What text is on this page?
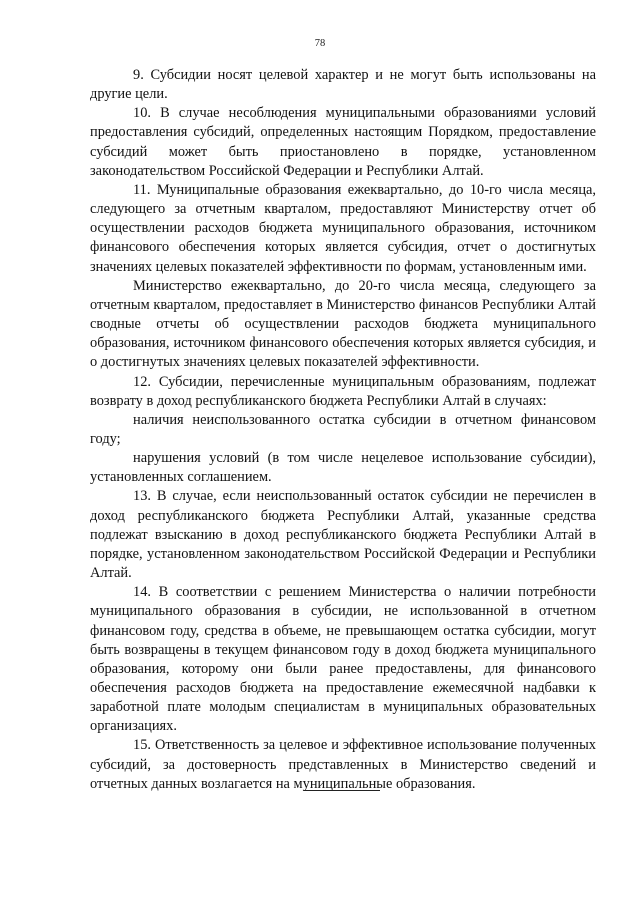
78

9. Субсидии носят целевой характер и не могут быть использованы на другие цели.

10. В случае несоблюдения муниципальными образованиями условий предоставления субсидий, определенных настоящим Порядком, предоставление субсидий может быть приостановлено в порядке, установленном законодательством Российской Федерации и Республики Алтай.

11. Муниципальные образования ежеквартально, до 10-го числа месяца, следующего за отчетным кварталом, предоставляют Министерству отчет об осуществлении расходов бюджета муниципального образования, источником финансового обеспечения которых является субсидия, отчет о достигнутых значениях целевых показателей эффективности по формам, установленным ими.

Министерство ежеквартально, до 20-го числа месяца, следующего за отчетным кварталом, предоставляет в Министерство финансов Республики Алтай сводные отчеты об осуществлении расходов бюджета муниципального образования, источником финансового обеспечения которых является субсидия, и о достигнутых значениях целевых показателей эффективности.

12. Субсидии, перечисленные муниципальным образованиям, подлежат возврату в доход республиканского бюджета Республики Алтай в случаях:

наличия неиспользованного остатка субсидии в отчетном финансовом году;

нарушения условий (в том числе нецелевое использование субсидии), установленных соглашением.

13. В случае, если неиспользованный остаток субсидии не перечислен в доход республиканского бюджета Республики Алтай, указанные средства подлежат взысканию в доход республиканского бюджета Республики Алтай в порядке, установленном законодательством Российской Федерации и Республики Алтай.

14. В соответствии с решением Министерства о наличии потребности муниципального образования в субсидии, не использованной в отчетном финансовом году, средства в объеме, не превышающем остатка субсидии, могут быть возвращены в текущем финансовом году в доход бюджета муниципального образования, которому они были ранее предоставлены, для финансового обеспечения расходов бюджета на предоставление ежемесячной надбавки к заработной плате молодым специалистам в муниципальных образовательных организациях.

15. Ответственность за целевое и эффективное использование полученных субсидий, за достоверность представленных в Министерство сведений и отчетных данных возлагается на муниципальные образования.
